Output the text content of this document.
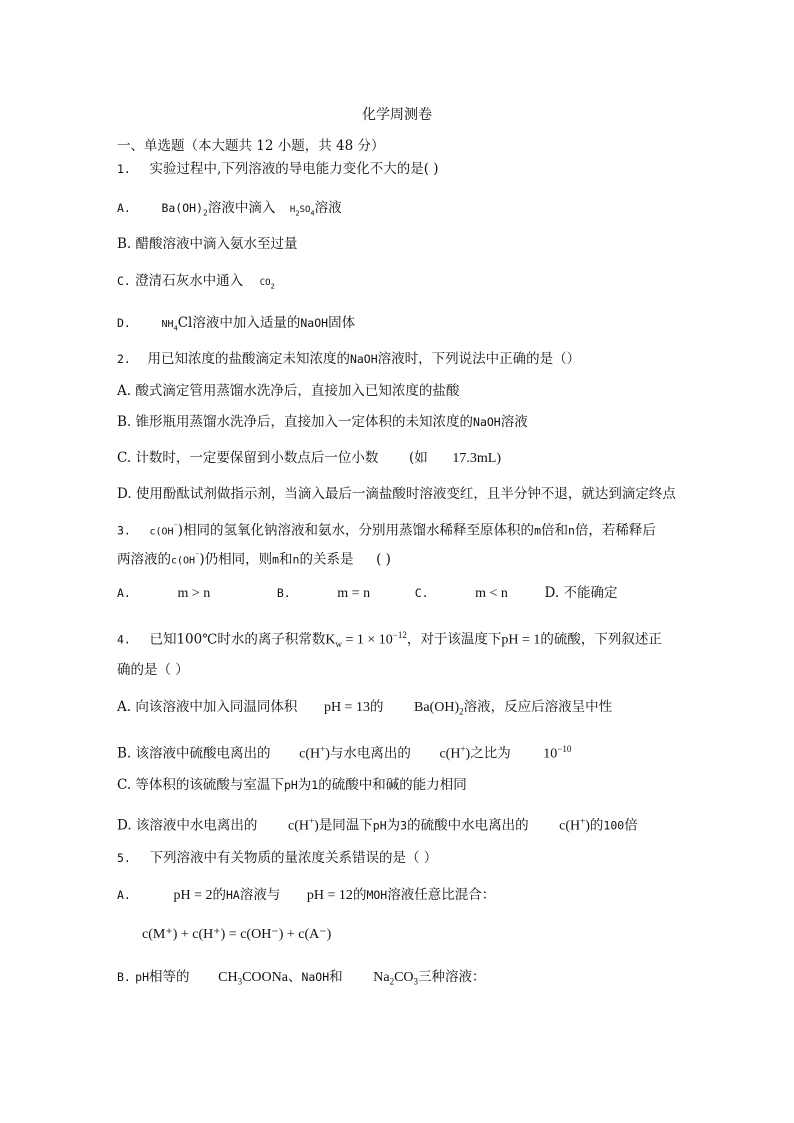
化学周测卷
一、单选题（本大题共 12 小题，共 48 分）
1. 实验过程中,下列溶液的导电能力变化不大的是( )
A.	$Ba(OH)_2$溶液中滴入 $H_2SO_4$溶液
B. 醋酸溶液中滴入氨水至过量
C. 澄清石灰水中通入 $CO_2$
D.	$NH_4Cl$溶液中加入适量的NaOH固体
2. 用已知浓度的盐酸滴定未知浓度的NaOH溶液时，下列说法中正确的是（）
A. 酸式滴定管用蒸馏水洗净后，直接加入已知浓度的盐酸
B. 锥形瓶用蒸馏水洗净后，直接加入一定体积的未知浓度的NaOH溶液
C. 计数时，一定要保留到小数点后一位小数 (如 17.3mL)
D. 使用酚酞试剂做指示剂，当滴入最后一滴盐酸时溶液变红，且半分钟不退，就达到滴定终点
3. c(OH⁻)相同的氢氧化钠溶液和氨水，分别用蒸馏水稀释至原体积的m倍和n倍，若稀释后
两溶液的c(OH⁻)仍相同，则m和n的关系是 ( )
A.	m > n	B.	m = n	C.	m < n	D. 不能确定
4. 已知100℃时水的离子积常数$K_w = 1 \times 10^{-12}$，对于该温度下pH = 1的硫酸，下列叙述正
确的是（ ）
A. 向该溶液中加入同温同体积 pH = 13的 $Ba(OH)_2$溶液，反应后溶液呈中性
B. 该溶液中硫酸电离出的 c(H+)与水电离出的 c(H+)之比为 $10^{-10}$
C. 等体积的该硫酸与室温下pH为1的硫酸中和碱的能力相同
D. 该溶液中水电离出的 c(H+)是同温下pH为3的硫酸中水电离出的 c(H+)的100倍
5. 下列溶液中有关物质的量浓度关系错误的是（ ）
A.	pH = 2的HA溶液与 pH = 12的MOH溶液任意比混合：
c(M⁺) + c(H⁺) = c(OH⁻) + c(A⁻)
B. pH相等的 $CH_3COONa$、NaOH和 $Na_2CO_3$三种溶液：
